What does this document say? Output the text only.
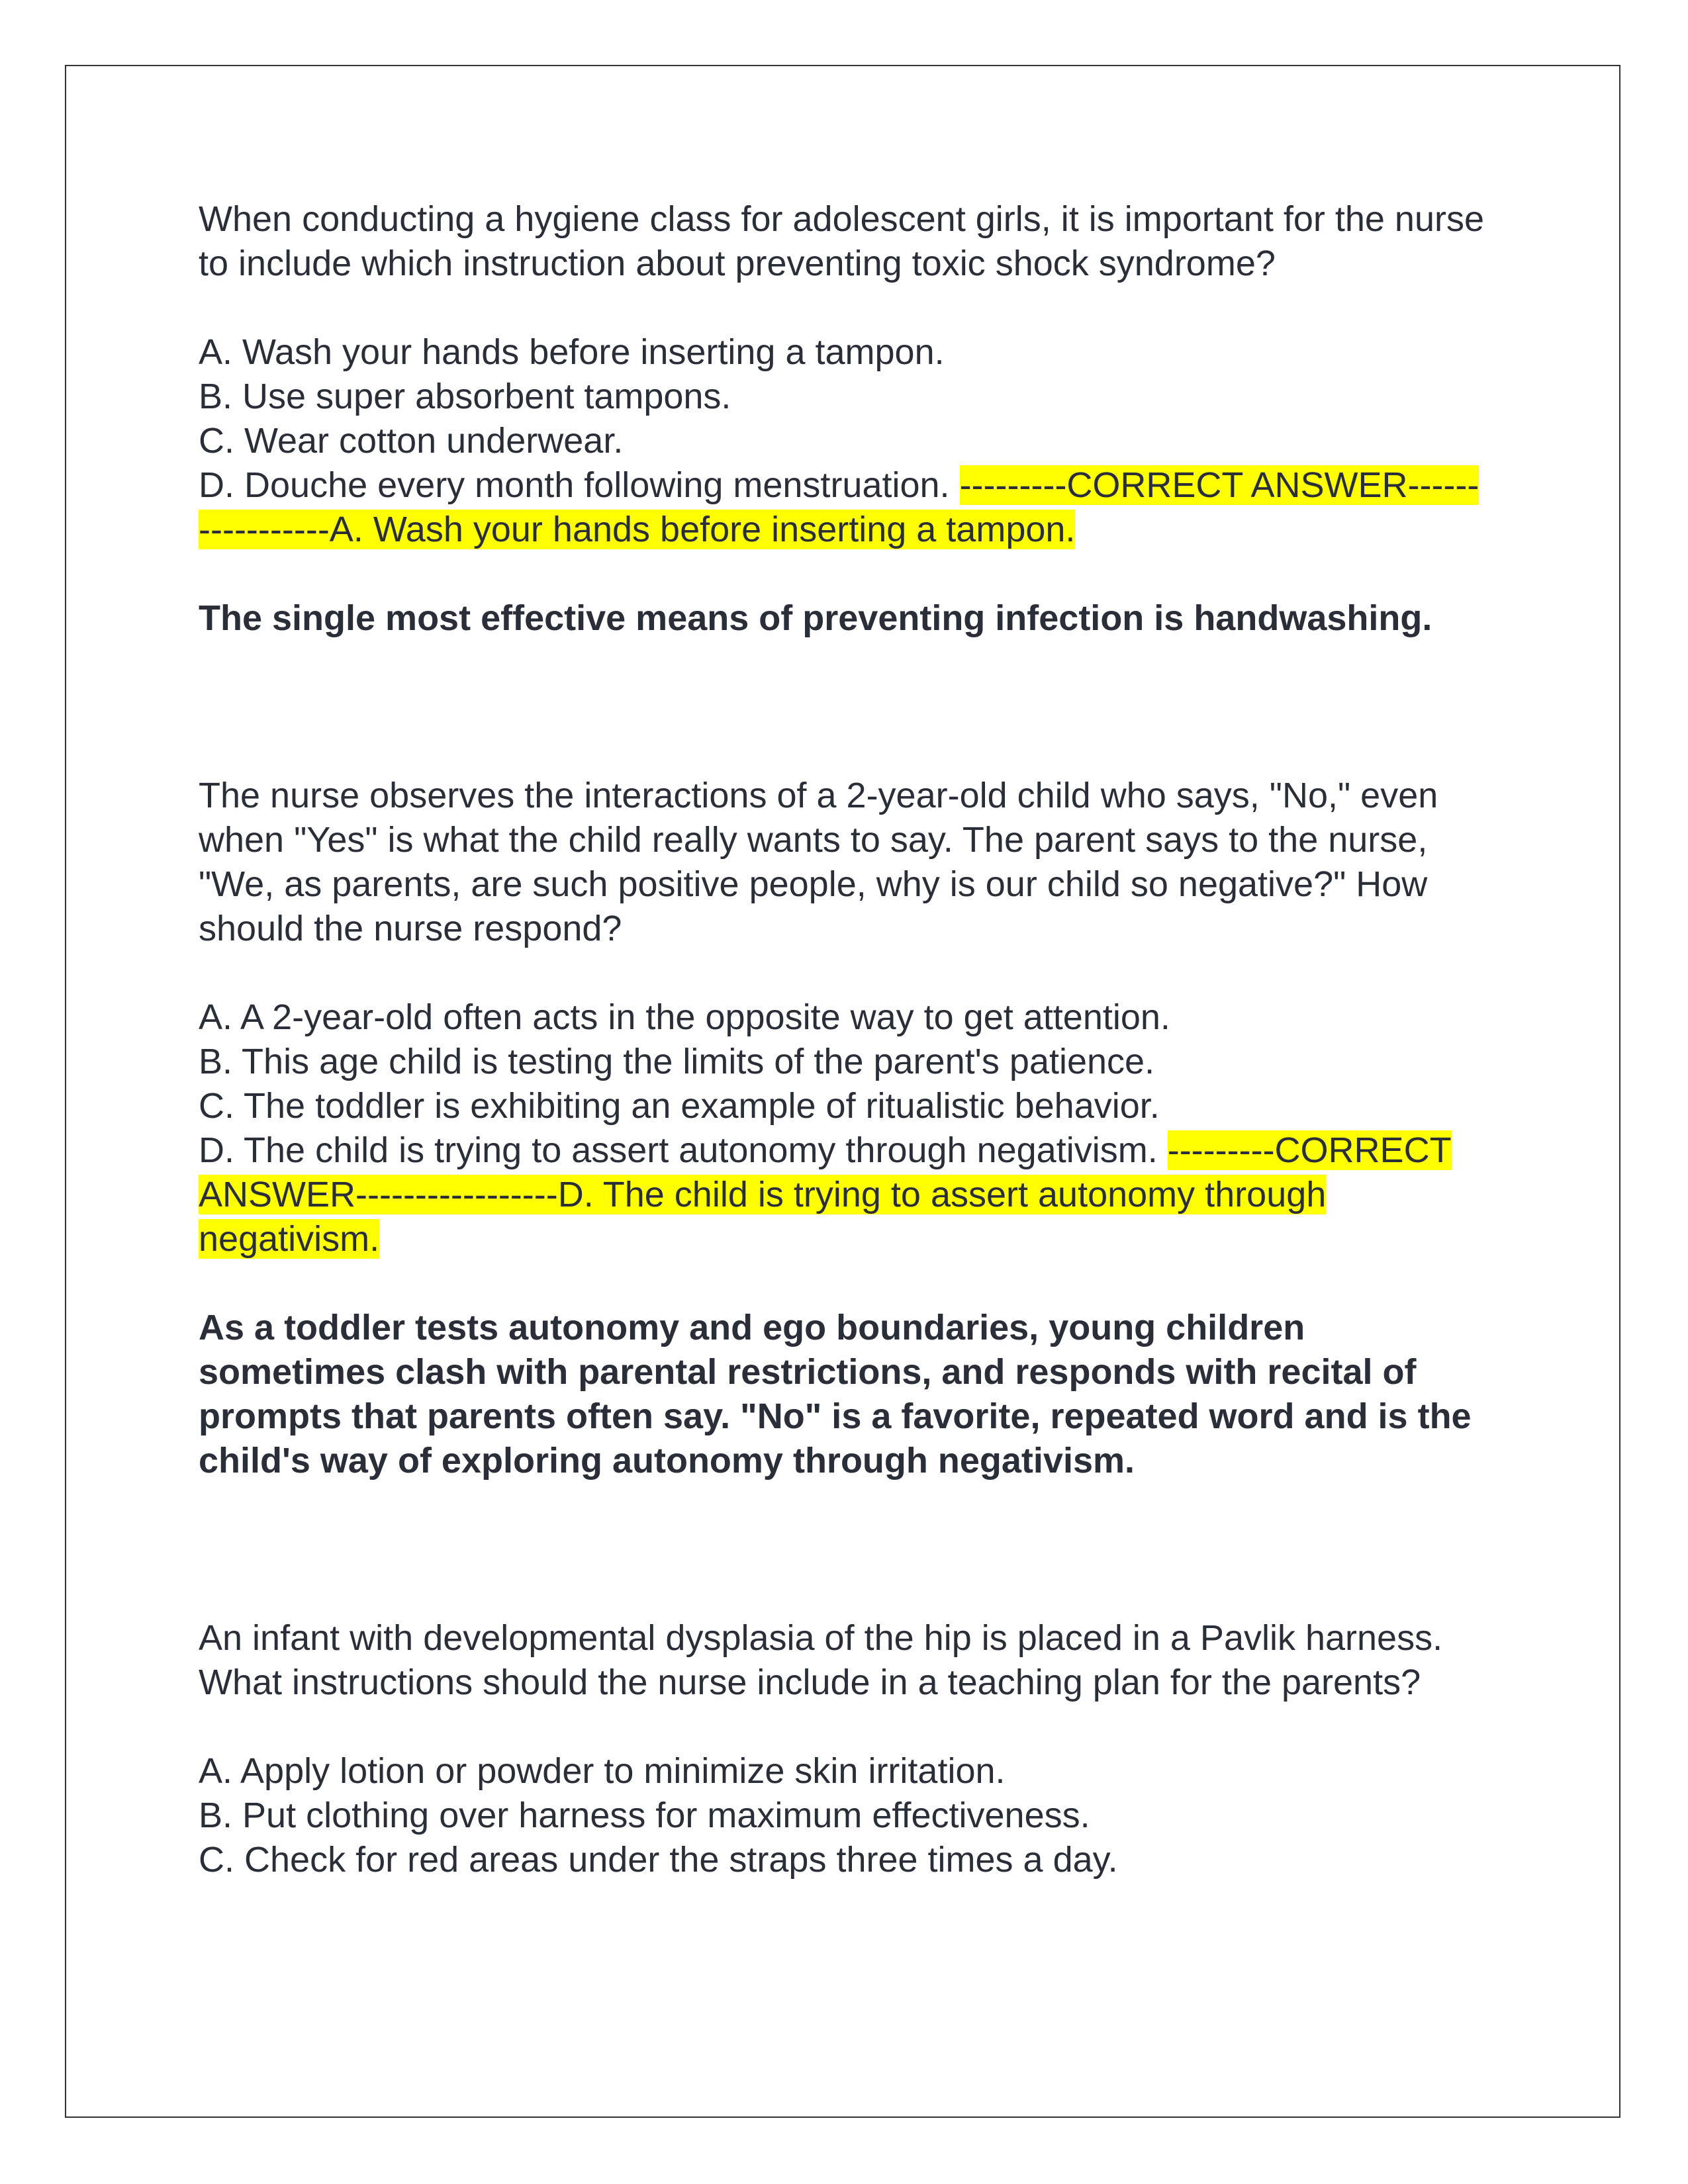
When conducting a hygiene class for adolescent girls, it is important for the nurse to include which instruction about preventing toxic shock syndrome?

A. Wash your hands before inserting a tampon.
B. Use super absorbent tampons.
C. Wear cotton underwear.
D. Douche every month following menstruation. ---------CORRECT ANSWER-----------------A. Wash your hands before inserting a tampon.

The single most effective means of preventing infection is handwashing.

The nurse observes the interactions of a 2-year-old child who says, "No," even when "Yes" is what the child really wants to say. The parent says to the nurse, "We, as parents, are such positive people, why is our child so negative?" How should the nurse respond?

A. A 2-year-old often acts in the opposite way to get attention.
B. This age child is testing the limits of the parent's patience.
C. The toddler is exhibiting an example of ritualistic behavior.
D. The child is trying to assert autonomy through negativism. ---------CORRECT ANSWER-----------------D. The child is trying to assert autonomy through negativism.

As a toddler tests autonomy and ego boundaries, young children sometimes clash with parental restrictions, and responds with recital of prompts that parents often say. "No" is a favorite, repeated word and is the child's way of exploring autonomy through negativism.

An infant with developmental dysplasia of the hip is placed in a Pavlik harness. What instructions should the nurse include in a teaching plan for the parents?

A. Apply lotion or powder to minimize skin irritation.
B. Put clothing over harness for maximum effectiveness.
C. Check for red areas under the straps three times a day.
